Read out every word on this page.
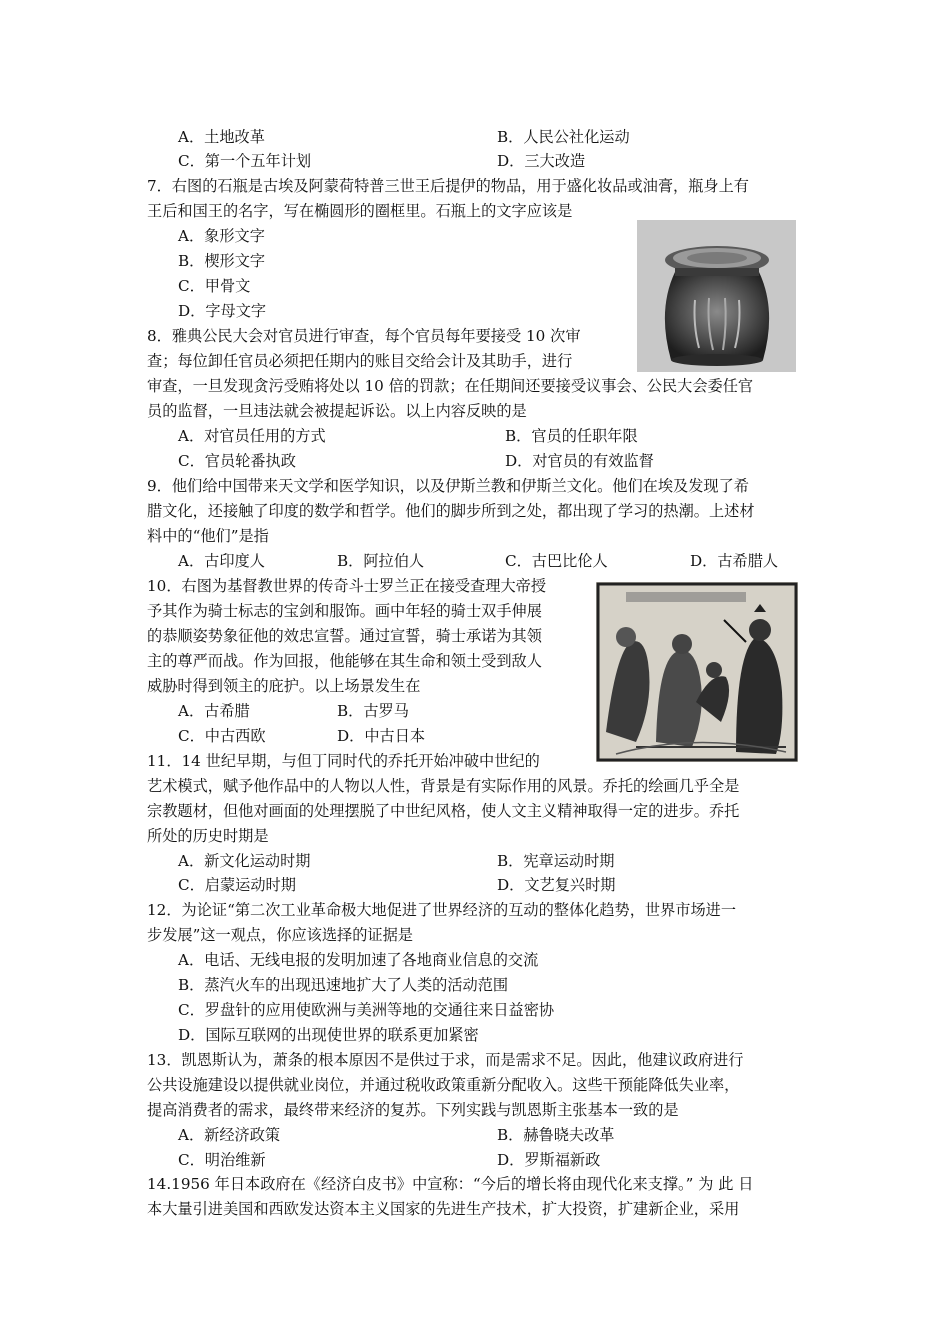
A．土地改革	B．人民公社化运动
C．第一个五年计划	D．三大改造
7．右图的石瓶是古埃及阿蒙荷特普三世王后提伊的物品，用于盛化妆品或油膏，瓶身上有
王后和国王的名字，写在椭圆形的圈框里。石瓶上的文字应该是
A．象形文字
B．楔形文字
C．甲骨文
D．字母文字
8．雅典公民大会对官员进行审查，每个官员每年要接受 10 次审
查；每位卸任官员必须把任期内的账目交给会计及其助手，进行
审查，一旦发现贪污受贿将处以 10 倍的罚款；在任期间还要接受议事会、公民大会委任官
员的监督，一旦违法就会被提起诉讼。以上内容反映的是
A．对官员任用的方式	B．官员的任职年限
C．官员轮番执政	D．对官员的有效监督
9．他们给中国带来天文学和医学知识，以及伊斯兰教和伊斯兰文化。他们在埃及发现了希
腊文化，还接触了印度的数学和哲学。他们的脚步所到之处，都出现了学习的热潮。上述材
料中的“他们”是指
A．古印度人	B．阿拉伯人	C．古巴比伦人	D．古希腊人
10．右图为基督教世界的传奇斗士罗兰正在接受查理大帝授
予其作为骑士标志的宝剑和服饰。画中年轻的骑士双手伸展
的恭顺姿势象征他的效忠宣誓。通过宣誓，骑士承诺为其领
主的尊严而战。作为回报，他能够在其生命和领土受到敌人
威胁时得到领主的庇护。以上场景发生在
A．古希腊	B．古罗马
C．中古西欧	D．中古日本
11．14 世纪早期，与但丁同时代的乔托开始冲破中世纪的
艺术模式，赋予他作品中的人物以人性，背景是有实际作用的风景。乔托的绘画几乎全是
宗教题材，但他对画面的处理摆脱了中世纪风格，使人文主义精神取得一定的进步。乔托
所处的历史时期是
A．新文化运动时期	B．宪章运动时期
C．启蒙运动时期	D．文艺复兴时期
12．为论证“第二次工业革命极大地促进了世界经济的互动的整体化趋势，世界市场进一
步发展”这一观点，你应该选择的证据是
A．电话、无线电报的发明加速了各地商业信息的交流
B．蒸汽火车的出现迅速地扩大了人类的活动范围
C．罗盘针的应用使欧洲与美洲等地的交通往来日益密协
D．国际互联网的出现使世界的联系更加紧密
13．凯恩斯认为，萧条的根本原因不是供过于求，而是需求不足。因此，他建议政府进行
公共设施建设以提供就业岗位，并通过税收政策重新分配收入。这些干预能降低失业率，
提高消费者的需求，最终带来经济的复苏。下列实践与凯恩斯主张基本一致的是
A．新经济政策	B．赫鲁晓夫改革
C．明治维新	D．罗斯福新政
14.1956 年日本政府在《经济白皮书》中宣称：“今后的增长将由现代化来支撑。” 为 此 日
本大量引进美国和西欧发达资本主义国家的先进生产技术，扩大投资，扩建新企业，采用
